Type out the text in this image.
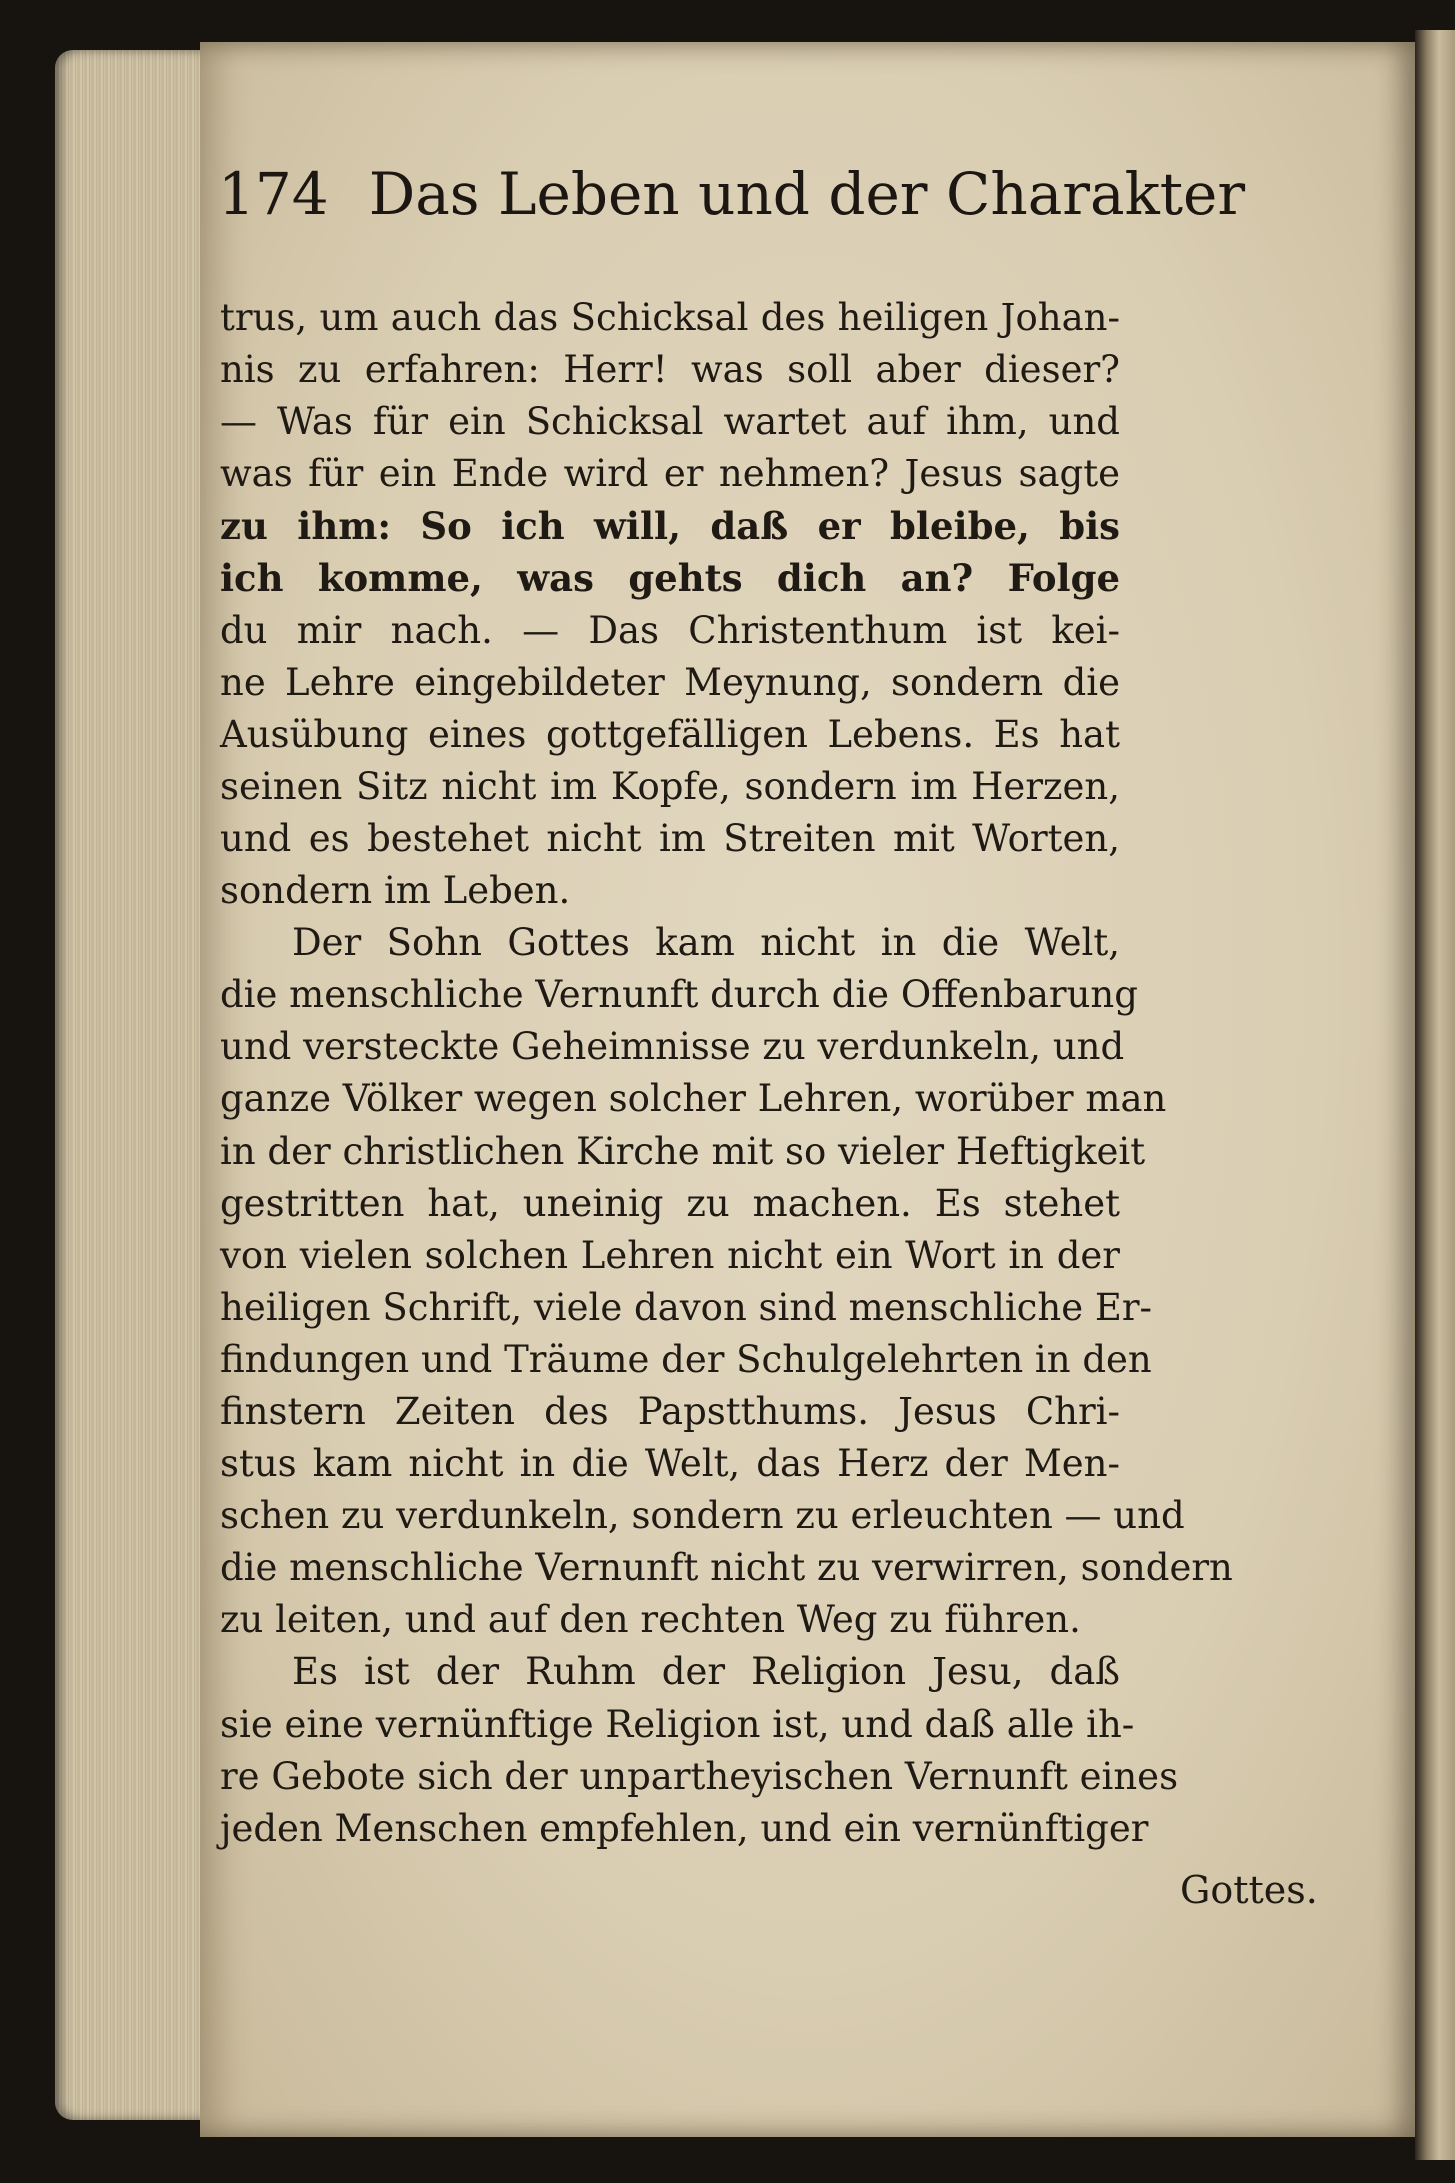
174 Das Leben und der Charakter
trus, um auch das Schicksal des heiligen Johan-
nis zu erfahren: Herr! was soll aber dieser?
— Was für ein Schicksal wartet auf ihm, und
was für ein Ende wird er nehmen? Jesus sagte
zu ihm: So ich will, daß er bleibe, bis
ich komme, was gehts dich an? Folge
du mir nach. — Das Christenthum ist kei-
ne Lehre eingebildeter Meynung, sondern die
Ausübung eines gottgefälligen Lebens. Es hat
seinen Sitz nicht im Kopfe, sondern im Herzen,
und es bestehet nicht im Streiten mit Worten,
sondern im Leben.
Der Sohn Gottes kam nicht in die Welt,
die menschliche Vernunft durch die Offenbarung
und versteckte Geheimnisse zu verdunkeln, und
ganze Völker wegen solcher Lehren, worüber man
in der christlichen Kirche mit so vieler Heftigkeit
gestritten hat, uneinig zu machen. Es stehet
von vielen solchen Lehren nicht ein Wort in der
heiligen Schrift, viele davon sind menschliche Er-
findungen und Träume der Schulgelehrten in den
finstern Zeiten des Papstthums. Jesus Chri-
stus kam nicht in die Welt, das Herz der Men-
schen zu verdunkeln, sondern zu erleuchten — und
die menschliche Vernunft nicht zu verwirren, sondern
zu leiten, und auf den rechten Weg zu führen.
Es ist der Ruhm der Religion Jesu, daß
sie eine vernünftige Religion ist, und daß alle ih-
re Gebote sich der unpartheyischen Vernunft eines
jeden Menschen empfehlen, und ein vernünftiger
Gottes.
